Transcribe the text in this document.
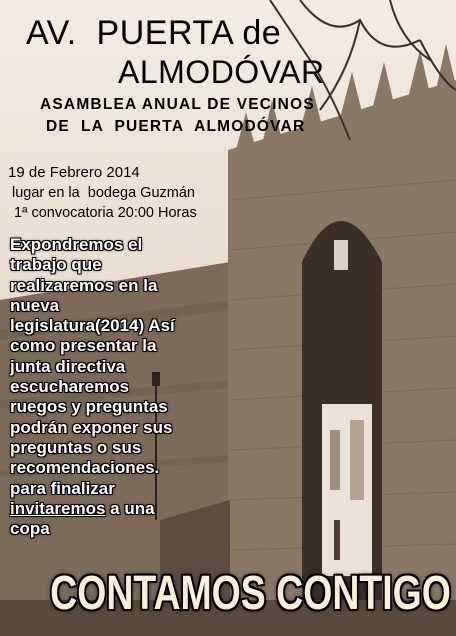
AV.  PUERTA de
ALMODÓVAR
ASAMBLEA ANUAL DE VECINOS
DE  LA  PUERTA  ALMODÓVAR
19 de Febrero 2014
lugar en la  bodega Guzmán
1ª convocatoria 20:00 Horas
Expondremos el
trabajo que
realizaremos en la
nueva
legislatura(2014) Así
como presentar la
junta directiva
escucharemos
ruegos y preguntas
podrán exponer sus
preguntas o sus
recomendaciones.
para finalizar
invitaremos a una
copa
CONTAMOS CONTIGO
